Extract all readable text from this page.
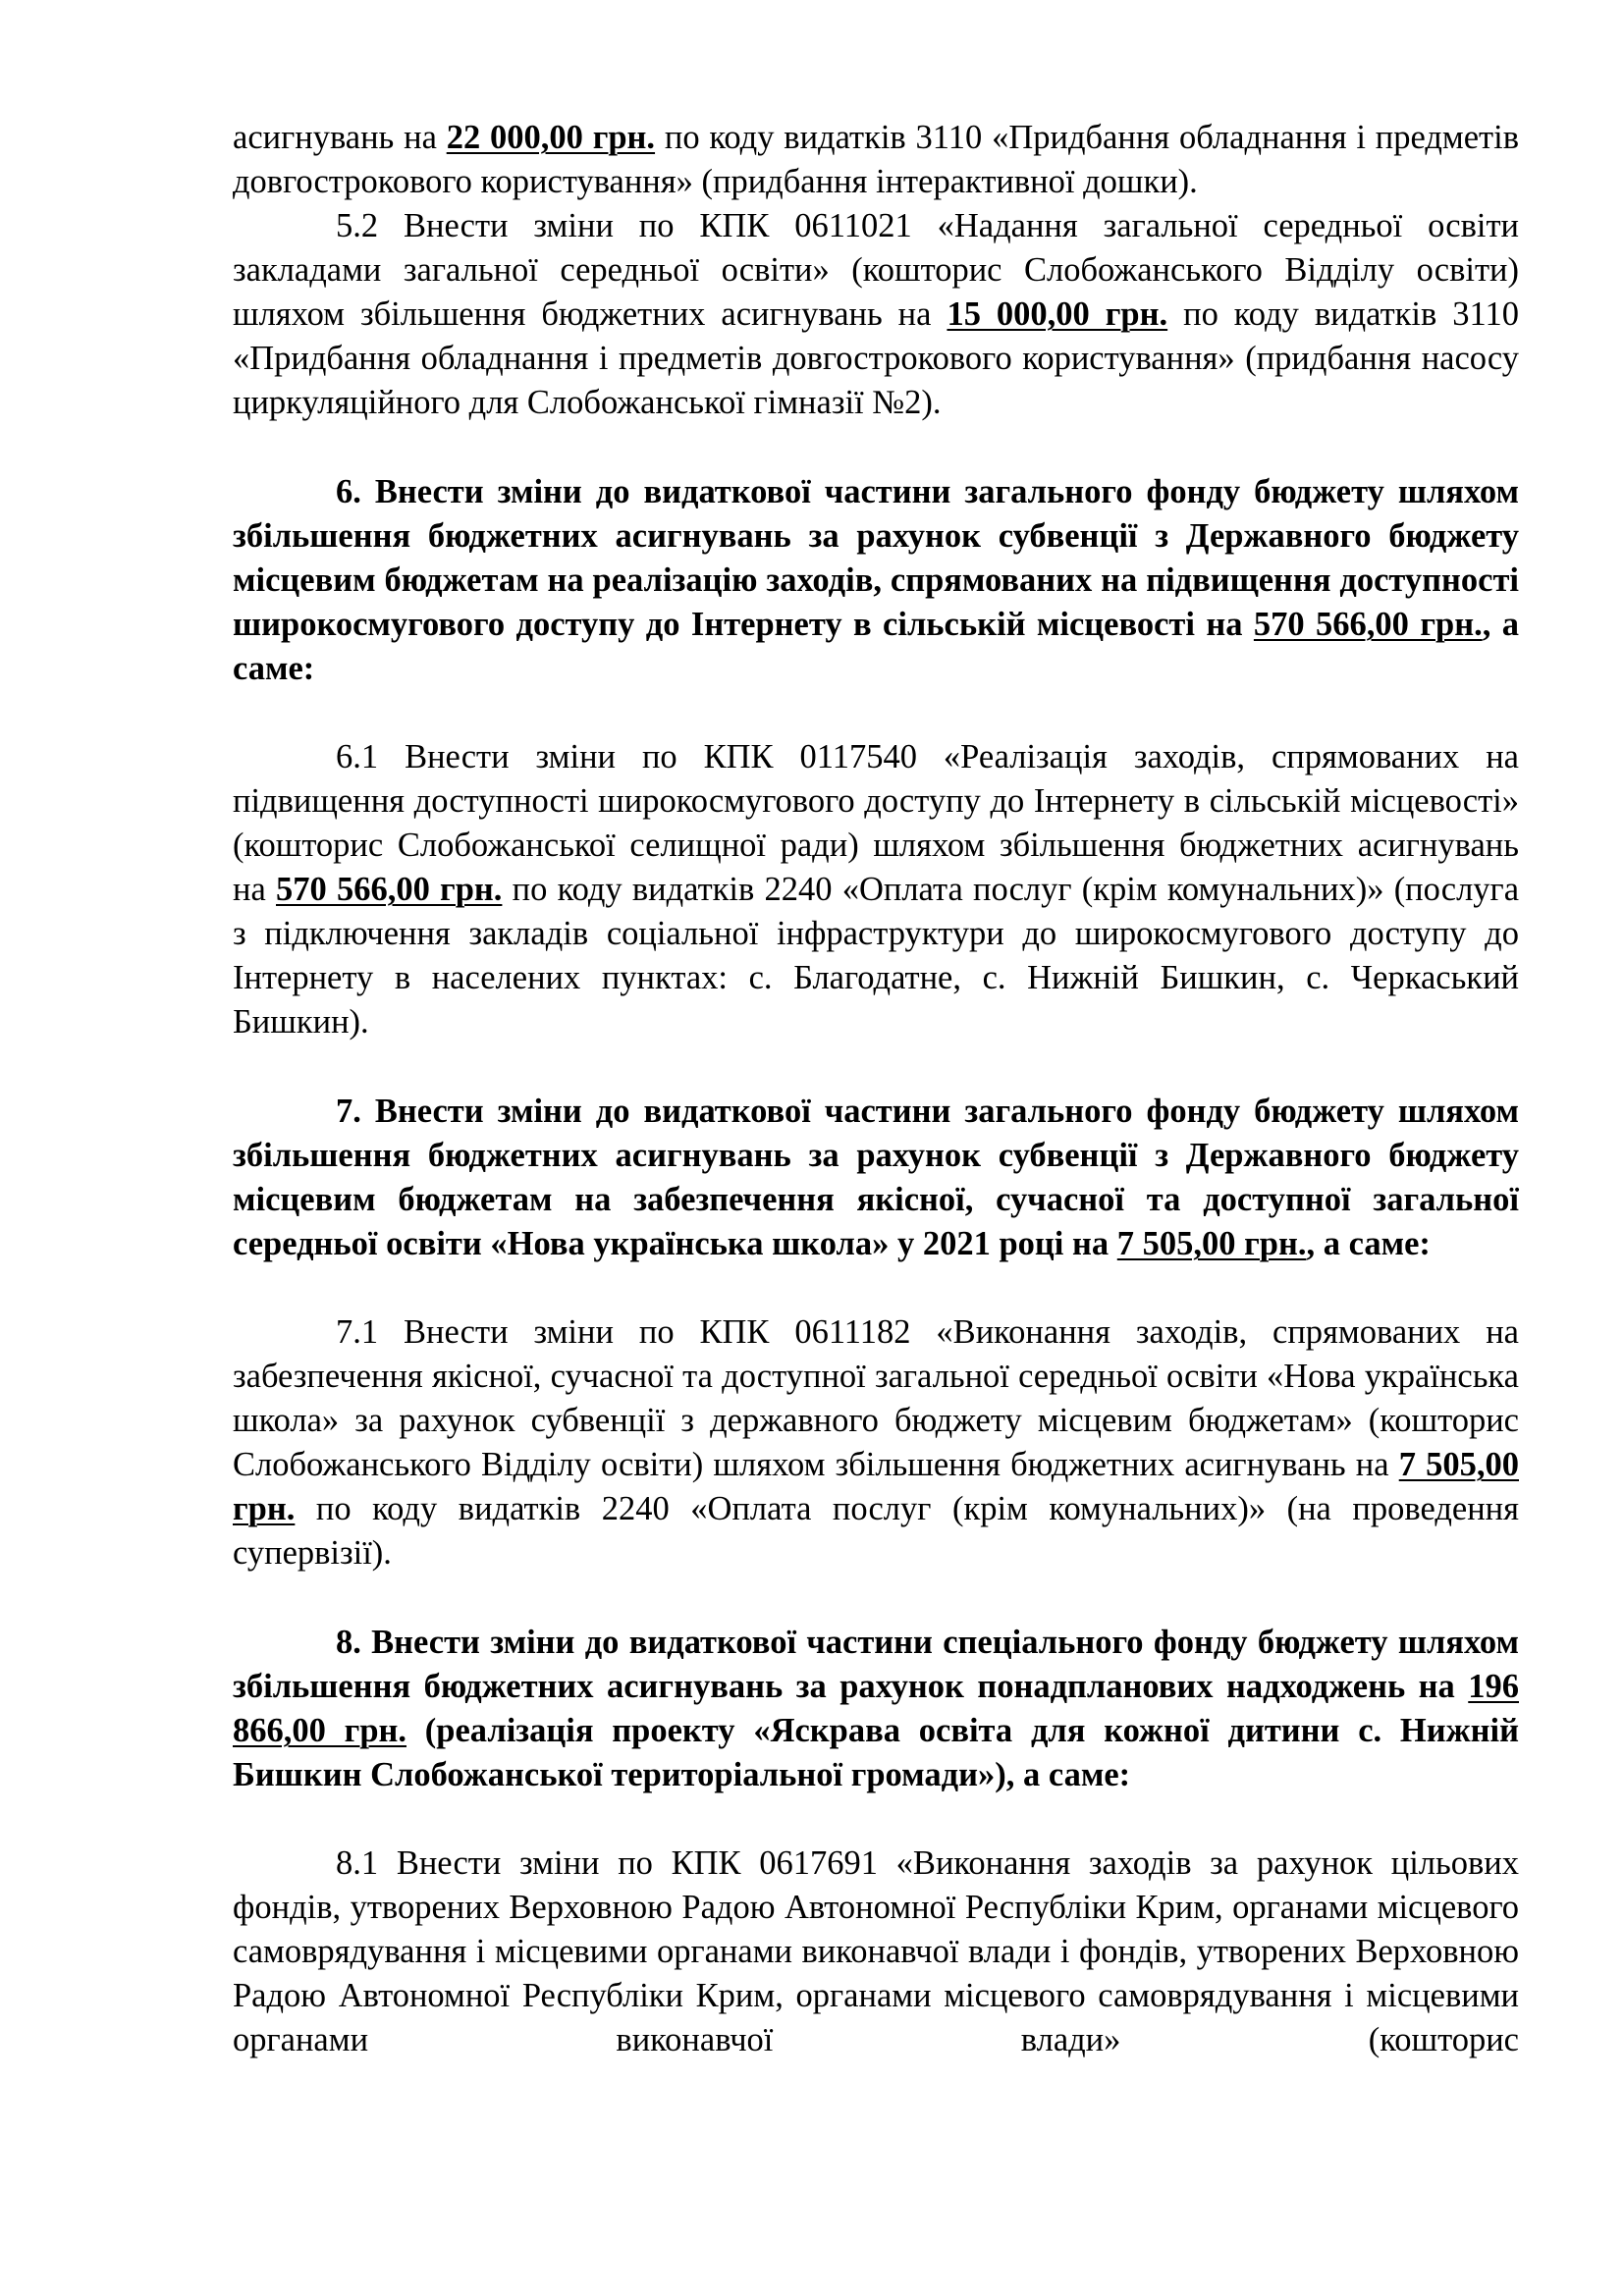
асигнувань на 22 000,00 грн. по коду видатків 3110 «Придбання обладнання і предметів довгострокового користування» (придбання інтерактивної дошки).

5.2 Внести зміни по КПК 0611021 «Надання загальної середньої освіти закладами загальної середньої освіти» (кошторис Слобожанського Відділу освіти) шляхом збільшення бюджетних асигнувань на 15 000,00 грн. по коду видатків 3110 «Придбання обладнання і предметів довгострокового користування» (придбання насосу циркуляційного для Слобожанської гімназії №2).

6. Внести зміни до видаткової частини загального фонду бюджету шляхом збільшення бюджетних асигнувань за рахунок субвенції з Державного бюджету місцевим бюджетам на реалізацію заходів, спрямованих на підвищення доступності широкосмугового доступу до Інтернету в сільській місцевості на 570 566,00 грн., а саме:

6.1 Внести зміни по КПК 0117540 «Реалізація заходів, спрямованих на підвищення доступності широкосмугового доступу до Інтернету в сільській місцевості» (кошторис Слобожанської селищної ради) шляхом збільшення бюджетних асигнувань на 570 566,00 грн. по коду видатків 2240 «Оплата послуг (крім комунальних)» (послуга з підключення закладів соціальної інфраструктури до широкосмугового доступу до Інтернету в населених пунктах: с. Благодатне, с. Нижній Бишкин, с. Черкаський Бишкин).

7. Внести зміни до видаткової частини загального фонду бюджету шляхом збільшення бюджетних асигнувань за рахунок субвенції з Державного бюджету місцевим бюджетам на забезпечення якісної, сучасної та доступної загальної середньої освіти «Нова українська школа» у 2021 році на 7 505,00 грн., а саме:

7.1 Внести зміни по КПК 0611182 «Виконання заходів, спрямованих на забезпечення якісної, сучасної та доступної загальної середньої освіти «Нова українська школа» за рахунок субвенції з державного бюджету місцевим бюджетам» (кошторис Слобожанського Відділу освіти) шляхом збільшення бюджетних асигнувань на 7 505,00 грн. по коду видатків 2240 «Оплата послуг (крім комунальних)» (на проведення супервізії).

8. Внести зміни до видаткової частини спеціального фонду бюджету шляхом збільшення бюджетних асигнувань за рахунок понадпланових надходжень на 196 866,00 грн. (реалізація проекту «Яскрава освіта для кожної дитини с. Нижній Бишкин Слобожанської територіальної громади»), а саме:

8.1 Внести зміни по КПК 0617691 «Виконання заходів за рахунок цільових фондів, утворених Верховною Радою Автономної Республіки Крим, органами місцевого самоврядування і місцевими органами виконавчої влади і фондів, утворених Верховною Радою Автономної Республіки Крим, органами місцевого самоврядування і місцевими органами виконавчої влади» (кошторис
